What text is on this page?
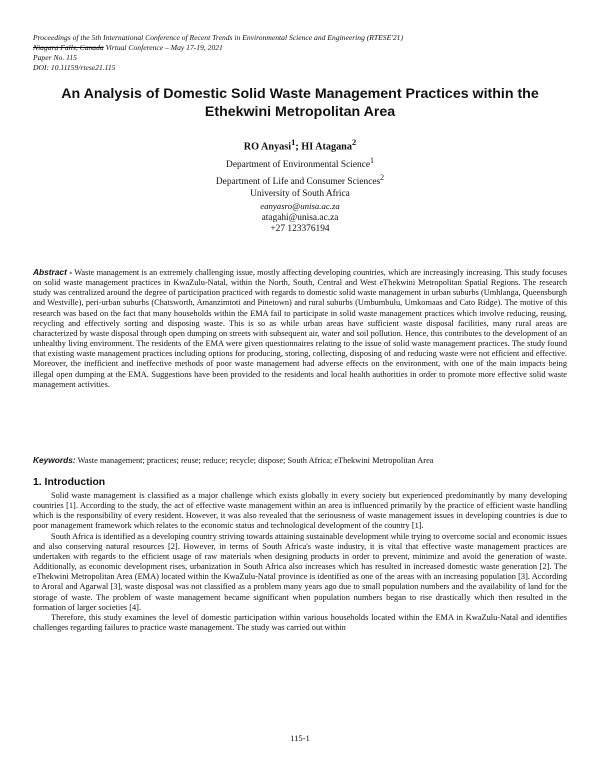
Proceedings of the 5th International Conference of Recent Trends in Environmental Science and Engineering (RTESE'21)
Niagara Falls, Canada Virtual Conference – May 17-19, 2021
Paper No. 115
DOI: 10.11159/rtese21.115
An Analysis of Domestic Solid Waste Management Practices within the Ethekwini Metropolitan Area
RO Anyasi$^1$; HI Atagana$^2$
Department of Environmental Science$^1$
Department of Life and Consumer Sciences$^2$
University of South Africa
eanyasro@unisa.ac.za
atagahi@unisa.ac.za
+27 123376194
Abstract - Waste management is an extremely challenging issue, mostly affecting developing countries, which are increasingly increasing. This study focuses on solid waste management practices in KwaZulu-Natal, within the North, South, Central and West eThekwini Metropolitan Spatial Regions. The research study was centralized around the degree of participation practiced with regards to domestic solid waste management in urban suburbs (Umhlanga, Queensburgh and Westville), peri-urban suburbs (Chatsworth, Amanzimtoti and Pinetown) and rural suburbs (Umbumbulu, Umkomaas and Cato Ridge). The motive of this research was based on the fact that many households within the EMA fail to participate in solid waste management practices which involve reducing, reusing, recycling and effectively sorting and disposing waste. This is so as while urban areas have sufficient waste disposal facilities, many rural areas are characterized by waste disposal through open dumping on streets with subsequent air, water and soil pollution. Hence, this contributes to the development of an unhealthy living environment. The residents of the EMA were given questionnaires relating to the issue of solid waste management practices. The study found that existing waste management practices including options for producing, storing, collecting, disposing of and reducing waste were not efficient and effective. Moreover, the inefficient and ineffective methods of poor waste management had adverse effects on the environment, with one of the main impacts being illegal open dumping at the EMA. Suggestions have been provided to the residents and local health authorities in order to promote more effective solid waste management activities.
Keywords: Waste management; practices; reuse; reduce; recycle; dispose; South Africa; eThekwini Metropolitan Area
1. Introduction

Solid waste management is classified as a major challenge which exists globally in every society but experienced predominantly by many developing countries [1]. According to the study, the act of effective waste management within an area is influenced primarily by the practice of efficient waste handling which is the responsibility of every resident. However, it was also revealed that the seriousness of waste management issues in developing countries is due to poor management framework which relates to the economic status and technological development of the country [1].

South Africa is identified as a developing country striving towards attaining sustainable development while trying to overcome social and economic issues and also conserving natural resources [2]. However, in terms of South Africa's waste industry, it is vital that effective waste management practices are undertaken with regards to the efficient usage of raw materials when designing products in order to prevent, minimize and avoid the generation of waste. Additionally, as economic development rises, urbanization in South Africa also increases which has resulted in increased domestic waste generation [2]. The eThekwini Metropolitan Area (EMA) located within the KwaZulu-Natal province is identified as one of the areas with an increasing population [3]. According to Aroral and Agarwal [3], waste disposal was not classified as a problem many years ago due to small population numbers and the availability of land for the storage of waste. The problem of waste management became significant when population numbers began to rise drastically which then resulted in the formation of larger societies [4].

Therefore, this study examines the level of domestic participation within various households located within the EMA in KwaZulu-Natal and identifies challenges regarding failures to practice waste management. The study was carried out within

115-1
